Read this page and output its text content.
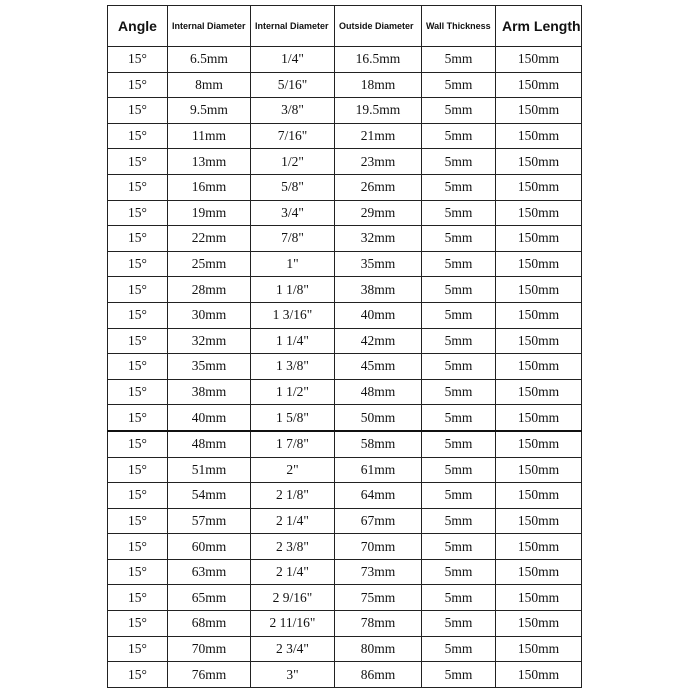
Angle	Internal Diameter	Internal Diameter	Outside Diameter	Wall Thickness	Arm Length
15°	6.5mm	1/4"	16.5mm	5mm	150mm
15°	8mm	5/16"	18mm	5mm	150mm
15°	9.5mm	3/8"	19.5mm	5mm	150mm
15°	11mm	7/16"	21mm	5mm	150mm
15°	13mm	1/2"	23mm	5mm	150mm
15°	16mm	5/8"	26mm	5mm	150mm
15°	19mm	3/4"	29mm	5mm	150mm
15°	22mm	7/8"	32mm	5mm	150mm
15°	25mm	1"	35mm	5mm	150mm
15°	28mm	1 1/8"	38mm	5mm	150mm
15°	30mm	1 3/16"	40mm	5mm	150mm
15°	32mm	1 1/4"	42mm	5mm	150mm
15°	35mm	1 3/8"	45mm	5mm	150mm
15°	38mm	1 1/2"	48mm	5mm	150mm
15°	40mm	1 5/8"	50mm	5mm	150mm
15°	48mm	1 7/8"	58mm	5mm	150mm
15°	51mm	2"	61mm	5mm	150mm
15°	54mm	2 1/8"	64mm	5mm	150mm
15°	57mm	2 1/4"	67mm	5mm	150mm
15°	60mm	2 3/8"	70mm	5mm	150mm
15°	63mm	2 1/4"	73mm	5mm	150mm
15°	65mm	2 9/16"	75mm	5mm	150mm
15°	68mm	2 11/16"	78mm	5mm	150mm
15°	70mm	2 3/4"	80mm	5mm	150mm
15°	76mm	3"	86mm	5mm	150mm
